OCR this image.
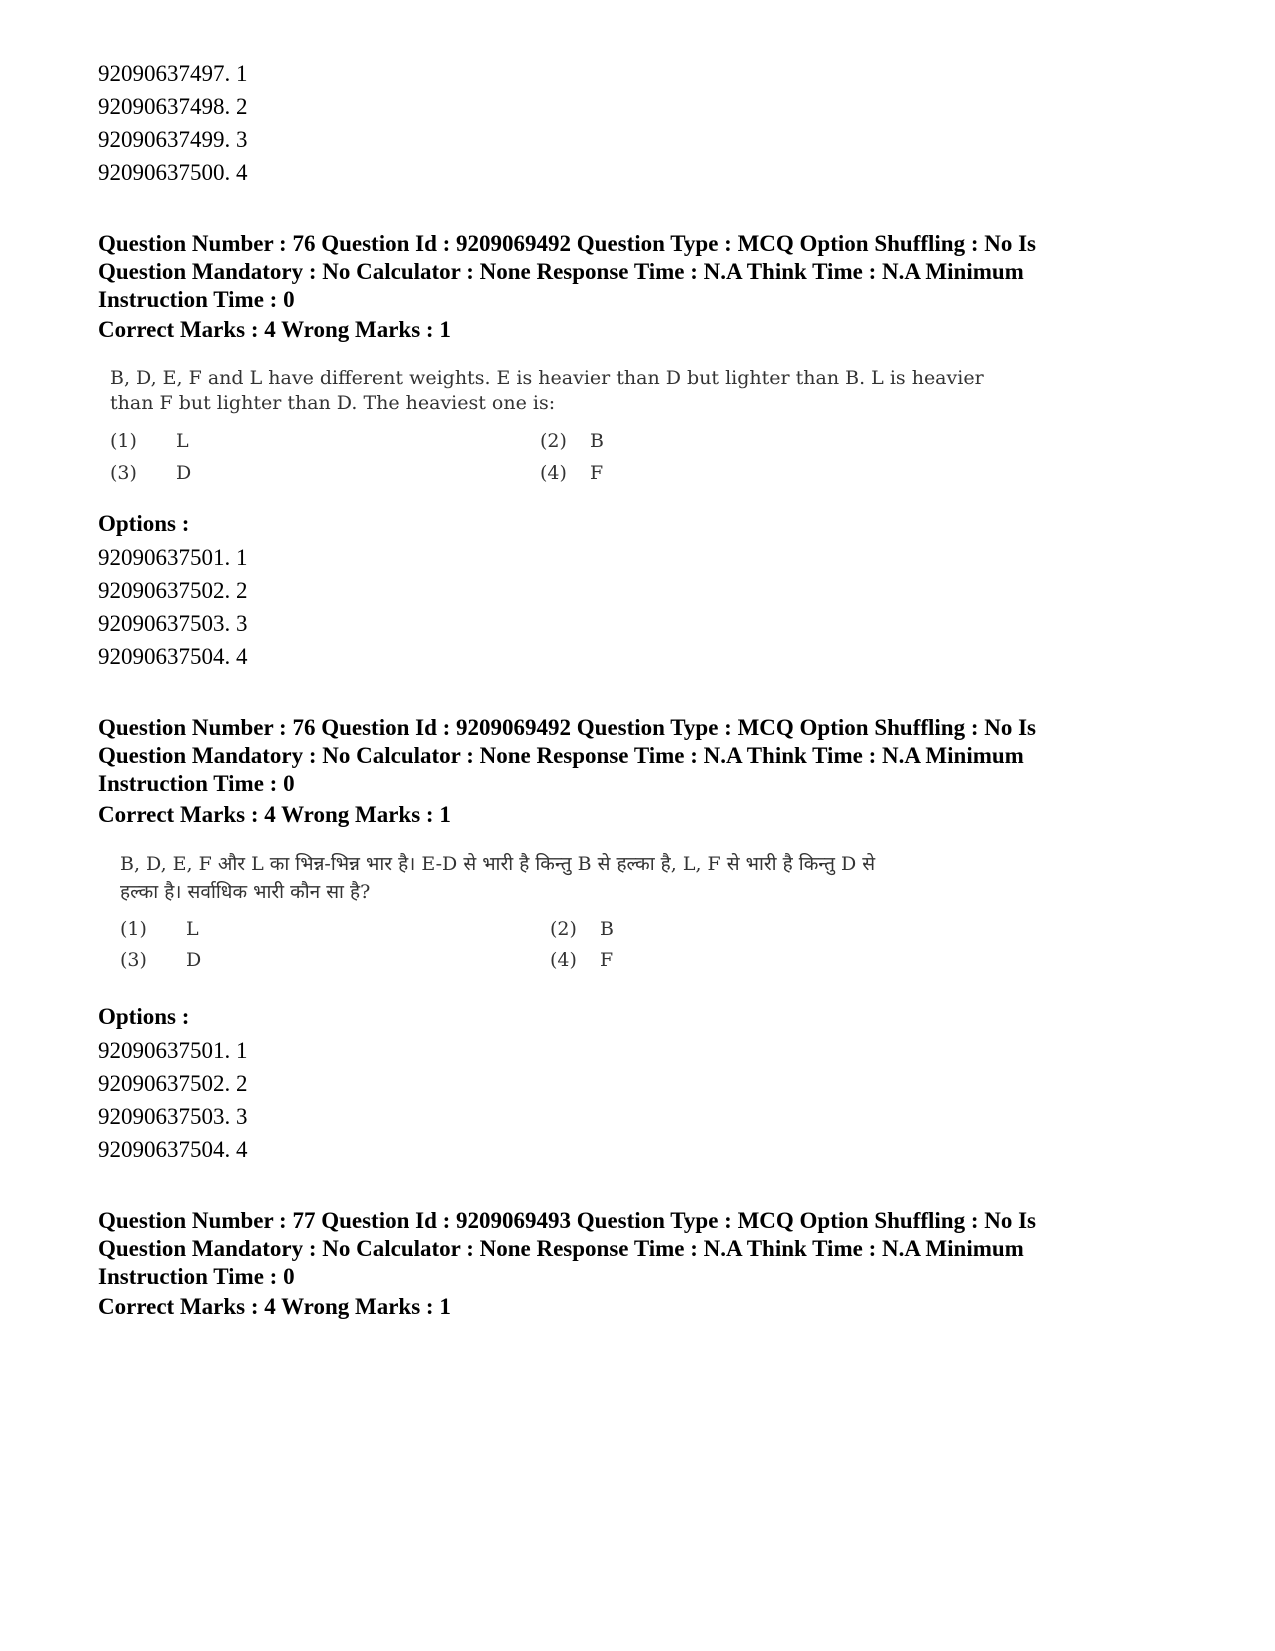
92090637497. 1
92090637498. 2
92090637499. 3
92090637500. 4
Question Number : 76 Question Id : 9209069492 Question Type : MCQ Option Shuffling : No Is
Question Mandatory : No Calculator : None Response Time : N.A Think Time : N.A Minimum
Instruction Time : 0
Correct Marks : 4 Wrong Marks : 1
B, D, E, F and L have different weights. E is heavier than D but lighter than B. L is heavier
than F but lighter than D. The heaviest one is:
(1) L	(2) B
(3) D	(4) F
Options :
92090637501. 1
92090637502. 2
92090637503. 3
92090637504. 4
Question Number : 76 Question Id : 9209069492 Question Type : MCQ Option Shuffling : No Is
Question Mandatory : No Calculator : None Response Time : N.A Think Time : N.A Minimum
Instruction Time : 0
Correct Marks : 4 Wrong Marks : 1
B, D, E, F और L का भिन्न-भिन्न भार है। E-D से भारी है किन्तु B से हल्का है, L, F से भारी है किन्तु D से
हल्का है। सर्वाधिक भारी कौन सा है?
(1) L	(2) B
(3) D	(4) F
Options :
92090637501. 1
92090637502. 2
92090637503. 3
92090637504. 4
Question Number : 77 Question Id : 9209069493 Question Type : MCQ Option Shuffling : No Is
Question Mandatory : No Calculator : None Response Time : N.A Think Time : N.A Minimum
Instruction Time : 0
Correct Marks : 4 Wrong Marks : 1
